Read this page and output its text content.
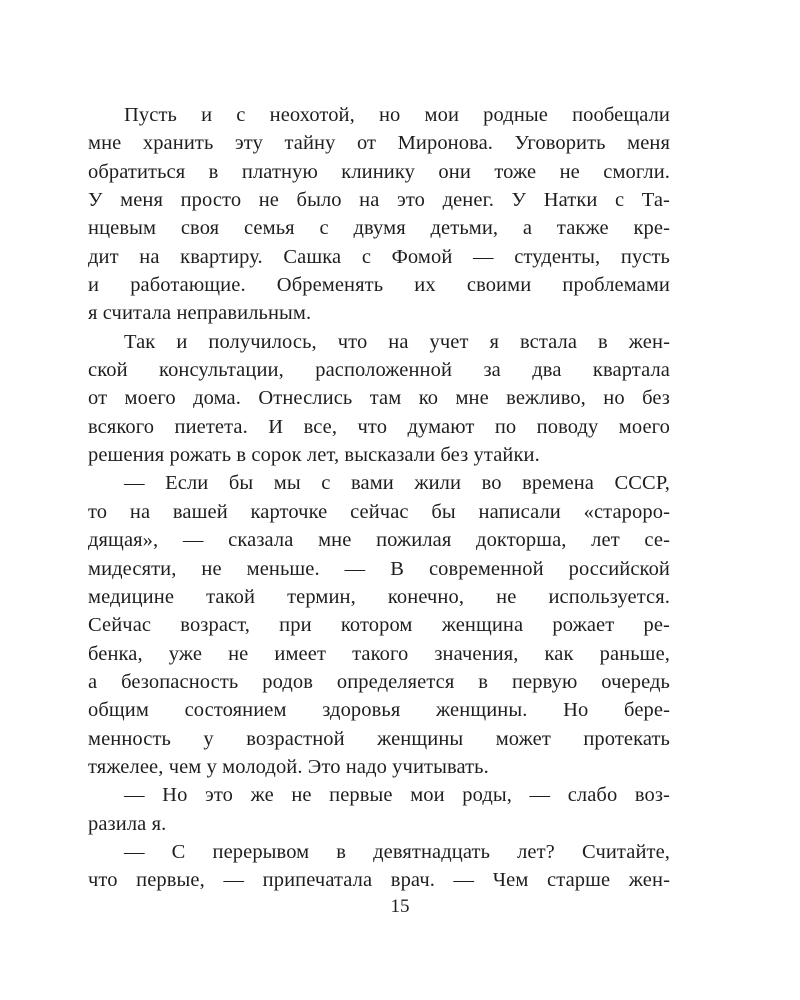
Пусть и с неохотой, но мои родные пообещали
мне хранить эту тайну от Миронова. Уговорить меня
обратиться в платную клинику они тоже не смогли.
У меня просто не было на это денег. У Натки с Та-
нцевым своя семья с двумя детьми, а также кре-
дит на квартиру. Сашка с Фомой — студенты, пусть
и работающие. Обременять их своими проблемами
я считала неправильным.
Так и получилось, что на учет я встала в жен-
ской консультации, расположенной за два квартала
от моего дома. Отнеслись там ко мне вежливо, но без
всякого пиетета. И все, что думают по поводу моего
решения рожать в сорок лет, высказали без утайки.
— Если бы мы с вами жили во времена СССР,
то на вашей карточке сейчас бы написали «староро-
дящая», — сказала мне пожилая докторша, лет се-
мидесяти, не меньше. — В современной российской
медицине такой термин, конечно, не используется.
Сейчас возраст, при котором женщина рожает ре-
бенка, уже не имеет такого значения, как раньше,
а безопасность родов определяется в первую очередь
общим состоянием здоровья женщины. Но бере-
менность у возрастной женщины может протекать
тяжелее, чем у молодой. Это надо учитывать.
— Но это же не первые мои роды, — слабо воз-
разила я.
— С перерывом в девятнадцать лет? Считайте,
что первые, — припечатала врач. — Чем старше жен-
15
